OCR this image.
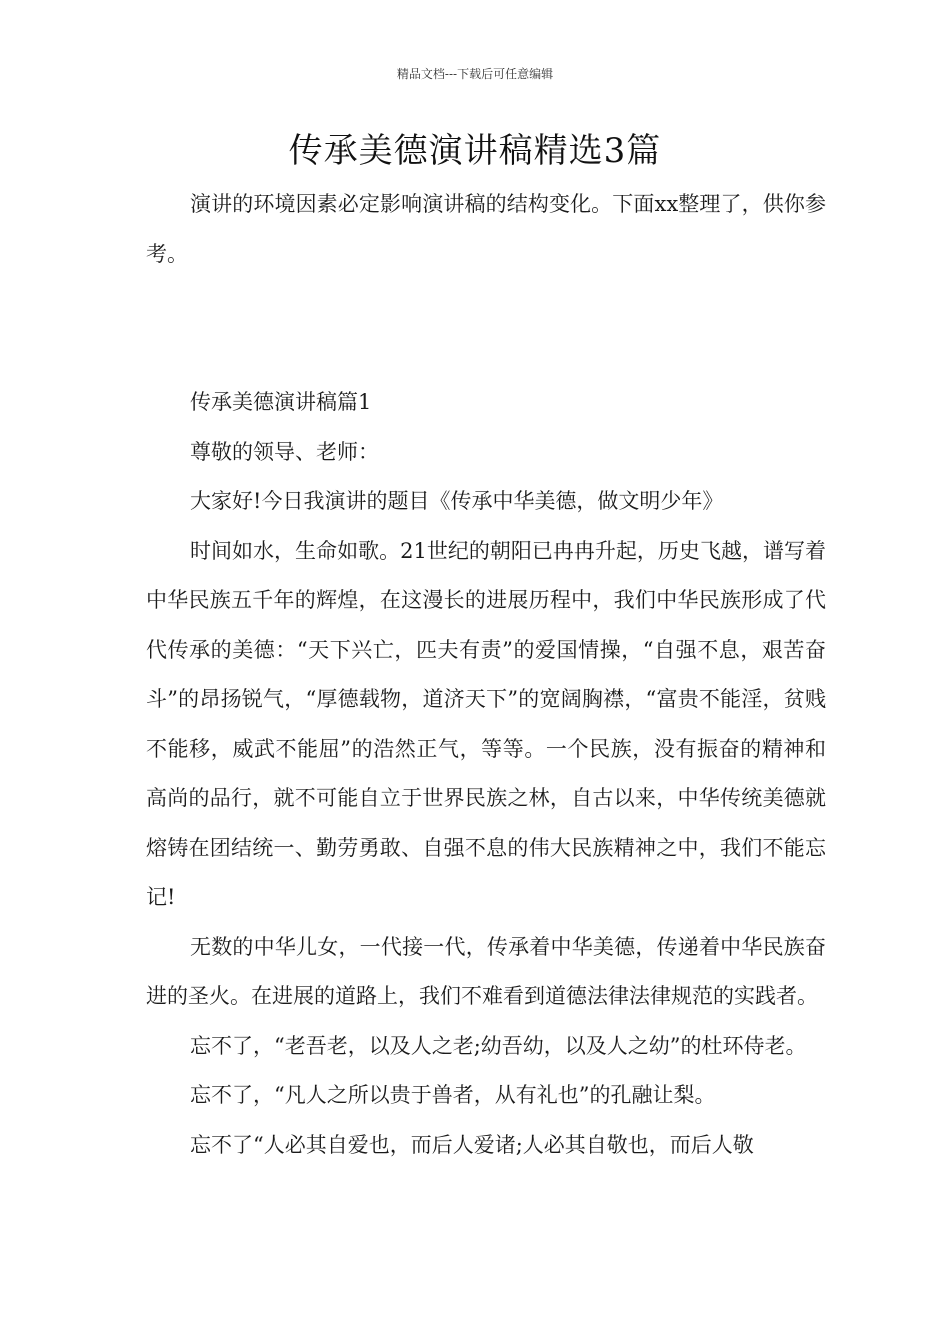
精品文档---下载后可任意编辑
传承美德演讲稿精选3篇

演讲的环境因素必定影响演讲稿的结构变化。下面xx整理了，供你参考。

传承美德演讲稿篇1

尊敬的领导、老师：

大家好!今日我演讲的题目《传承中华美德，做文明少年》

时间如水，生命如歌。21世纪的朝阳已冉冉升起，历史飞越，谱写着中华民族五千年的辉煌，在这漫长的进展历程中，我们中华民族形成了代代传承的美德：“天下兴亡，匹夫有责”的爱国情操，“自强不息，艰苦奋斗”的昂扬锐气，“厚德载物，道济天下”的宽阔胸襟，“富贵不能淫，贫贱不能移，威武不能屈”的浩然正气，等等。一个民族，没有振奋的精神和高尚的品行，就不可能自立于世界民族之林，自古以来，中华传统美德就熔铸在团结统一、勤劳勇敢、自强不息的伟大民族精神之中，我们不能忘记!

无数的中华儿女，一代接一代，传承着中华美德，传递着中华民族奋进的圣火。在进展的道路上，我们不难看到道德法律法律规范的实践者。

忘不了，“老吾老，以及人之老;幼吾幼，以及人之幼”的杜环侍老。

忘不了，“凡人之所以贵于兽者，从有礼也”的孔融让梨。

忘不了“人必其自爱也，而后人爱诸;人必其自敬也，而后人敬
